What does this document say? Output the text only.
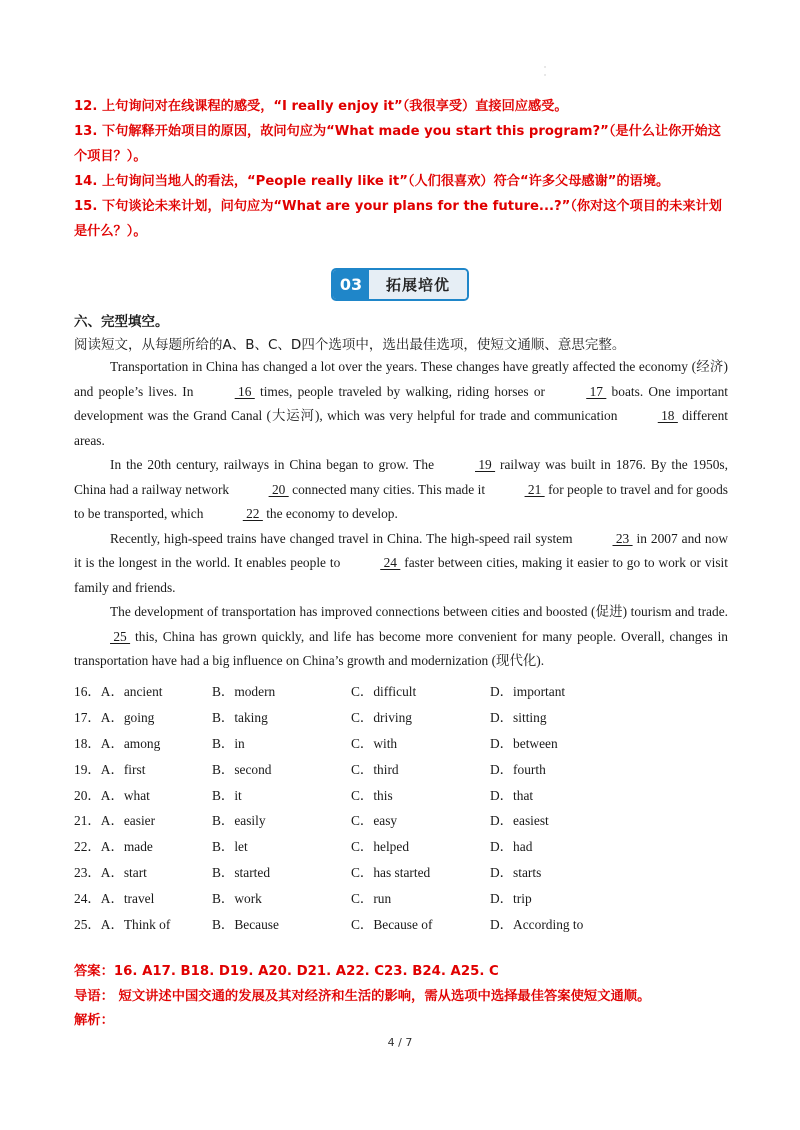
·
·

12. 上句询问对在线课程的感受，“I really enjoy it”（我很享受）直接回应感受。

13. 下句解释开始项目的原因，故问句应为“What made you start this program?”（是什么让你开始这个项目？）。

14. 上句询问当地人的看法，“People really like it”（人们很喜欢）符合“许多父母感谢”的语境。

15. 下句谈论未来计划，问句应为“What are your plans for the future...?”（你对这个项目的未来计划是什么？）。

03	拓展培优
六、完型填空。
阅读短文，从每题所给的A、B、C、D四个选项中，选出最佳选项，使短文通顺、意思完整。

Transportation in China has changed a lot over the years. These changes have greatly affected the economy (经济) and people’s lives. In	16  times, people traveled by walking, riding horses or	17  boats. One important development was the Grand Canal (大运河), which was very helpful for trade and communication	18  different areas.

In the 20th century, railways in China began to grow. The	19  railway was built in 1876. By the 1950s, China had a railway network	20  connected many cities. This made it	21  for people to travel and for goods to be transported, which	22  the economy to develop.

Recently, high-speed trains have changed travel in China. The high-speed rail system	23  in 2007 and now it is the longest in the world. It enables people to	24  faster between cities, making it easier to go to work or visit family and friends.

The development of transportation has improved connections between cities and boosted (促进) tourism and trade.  25  this, China has grown quickly, and life has become more convenient for many people. Overall, changes in transportation have had a big influence on China’s growth and modernization (现代化).

16．A．ancient	B．modern	C．difficult	D．important
17．A．going	B．taking	C．driving	D．sitting
18．A．among	B．in	C．with	D．between
19．A．first	B．second	C．third	D．fourth
20．A．what	B．it	C．this	D．that
21．A．easier	B．easily	C．easy	D．easiest
22．A．made	B．let	C．helped	D．had
23．A．start	B．started	C．has started	D．starts
24．A．travel	B．work	C．run	D．trip
25．A．Think of	B．Because	C．Because of	D．According to
答案：16. A17. B18. D19. A20. D21. A22. C23. B24. A25. C
导语： 短文讲述中国交通的发展及其对经济和生活的影响，需从选项中选择最佳答案使短文通顺。
解析：
4 / 7
